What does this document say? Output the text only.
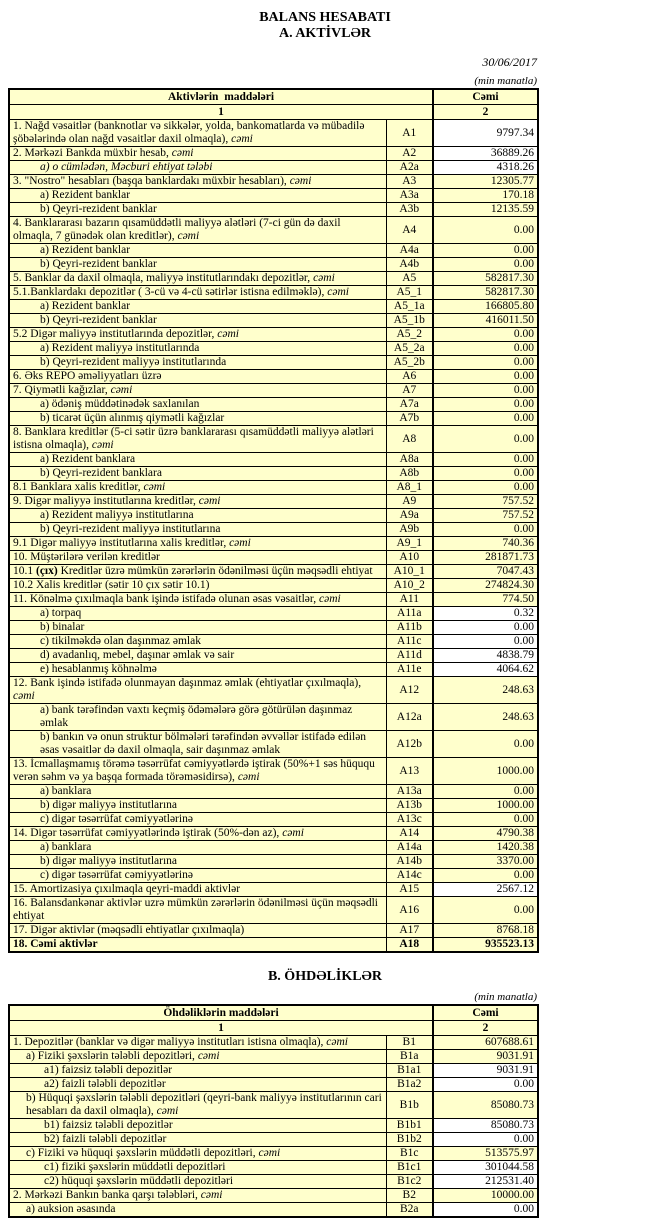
BALANS HESABATI
A. AKTİVLƏR
30/06/2017
(min manatla)
Aktivlərin  maddələri		Cəmi
1		2
1. Nağd vəsaitlər (banknotlar və sikkələr, yolda, bankomatlarda və mübadilə şöbələrində olan nağd vəsaitlər daxil olmaqla), cəmi	A1	9797.34
2. Mərkəzi Bankda müxbir hesab, cəmi	A2	36889.26
a) o cümlədən, Məcburi ehtiyat tələbi	A2a	4318.26
3. "Nostro" hesabları (başqa banklardakı müxbir hesabları), cəmi	A3	12305.77
a) Rezident banklar	A3a	170.18
b) Qeyri-rezident banklar	A3b	12135.59
4. Banklararası bazarın qısamüddətli maliyyə alətləri (7-ci gün də daxil olmaqla, 7 günədək olan kreditlər), cəmi	A4	0.00
a) Rezident banklar	A4a	0.00
b) Qeyri-rezident banklar	A4b	0.00
5. Banklar da daxil olmaqla, maliyyə institutlarındakı depozitlər, cəmi	A5	582817.30
5.1.Banklardakı depozitlər ( 3-cü və 4-cü sətirlər istisna edilməklə), cəmi	A5_1	582817.30
a) Rezident banklar	A5_1a	166805.80
b) Qeyri-rezident banklar	A5_1b	416011.50
5.2 Digər maliyyə institutlarında depozitlər, cəmi	A5_2	0.00
a) Rezident maliyyə institutlarında	A5_2a	0.00
b) Qeyri-rezident maliyyə institutlarında	A5_2b	0.00
6. Əks REPO əməliyyatları üzrə	A6	0.00
7. Qiymətli kağızlar, cəmi	A7	0.00
a) ödəniş müddətinədək saxlanılan	A7a	0.00
b) ticarət üçün alınmış qiymətli kağızlar	A7b	0.00
8. Banklara kreditlər (5-ci sətir üzrə banklararası qısamüddətli maliyyə alətləri istisna olmaqla), cəmi	A8	0.00
a) Rezident banklara	A8a	0.00
b) Qeyri-rezident banklara	A8b	0.00
8.1 Banklara xalis kreditlər, cəmi	A8_1	0.00
9. Digər maliyyə institutlarına kreditlər, cəmi	A9	757.52
a) Rezident maliyyə institutlarına	A9a	757.52
b) Qeyri-rezident maliyyə institutlarına	A9b	0.00
9.1 Digər maliyyə institutlarına xalis kreditlər, cəmi	A9_1	740.36
10. Müştərilərə verilən kreditlər	A10	281871.73
10.1 (çıx) Kreditlər üzrə mümkün zərərlərin ödənilməsi üçün məqsədli ehtiyat	A10_1	7047.43
10.2 Xalis kreditlər (sətir 10 çıx sətir 10.1)	A10_2	274824.30
11. Könəlmə çıxılmaqla bank işində istifadə olunan əsas vəsaitlər, cəmi	A11	774.50
a) torpaq	A11a	0.32
b) binalar	A11b	0.00
c) tikilməkdə olan daşınmaz əmlak	A11c	0.00
d) avadanlıq, mebel, daşınar əmlak və sair	A11d	4838.79
e) hesablanmış köhnəlmə	A11e	4064.62
12. Bank işində istifadə olunmayan daşınmaz əmlak (ehtiyatlar çıxılmaqla), cəmi	A12	248.63
a) bank tərəfindən vaxtı keçmiş ödəmələrə görə götürülən daşınmaz əmlak	A12a	248.63
b) bankın və onun struktur bölmələri tərəfindən əvvəllər istifadə edilən əsas vəsaitlər də daxil olmaqla, sair daşınmaz əmlak	A12b	0.00
13. İcmallaşmamış törəmə təsərrüfat cəmiyyətlərdə iştirak (50%+1 səs hüququ verən səhm və ya başqa formada törəməsidirsə), cəmi	A13	1000.00
a) banklara	A13a	0.00
b) digər maliyyə institutlarına	A13b	1000.00
c) digər təsərrüfat cəmiyyətlərinə	A13c	0.00
14. Digər təsərrüfat cəmiyyətlərində iştirak (50%-dən az), cəmi	A14	4790.38
a) banklara	A14a	1420.38
b) digər maliyyə institutlarına	A14b	3370.00
c) digər təsərrüfat cəmiyyətlərinə	A14c	0.00
15. Amortizasiya çıxılmaqla qeyri-maddi aktivlər	A15	2567.12
16. Balansdankənar aktivlər uzrə mümkün zərərlərin ödənilməsi üçün məqsədli ehtiyat	A16	0.00
17. Digər aktivlər (məqsədli ehtiyatlar çıxılmaqla)	A17	8768.18
18. Cəmi aktivlər	A18	935523.13
B. ÖHDƏLİKLƏR
(min manatla)
Öhdəliklərin maddələri		Cəmi
1		2
1. Depozitlər (banklar və digər maliyyə institutları istisna olmaqla), cəmi	B1	607688.61
a) Fiziki şəxslərin tələbli depozitləri, cəmi	B1a	9031.91
a1) faizsiz tələbli depozitlər	B1a1	9031.91
a2) faizli tələbli depozitlər	B1a2	0.00
b) Hüquqi şəxslərin tələbli depozitləri (qeyri-bank maliyyə institutlarının cari hesabları da daxil olmaqla), cəmi	B1b	85080.73
b1) faizsiz tələbli depozitlər	B1b1	85080.73
b2) faizli tələbli depozitlər	B1b2	0.00
c) Fiziki və hüquqi şəxslərin müddətli depozitləri, cəmi	B1c	513575.97
c1) fiziki şəxslərin müddətli depozitləri	B1c1	301044.58
c2) hüquqi şəxslərin müddətli depozitləri	B1c2	212531.40
2. Mərkəzi Bankın banka qarşı tələbləri, cəmi	B2	10000.00
a) auksion əsasında	B2a	0.00
